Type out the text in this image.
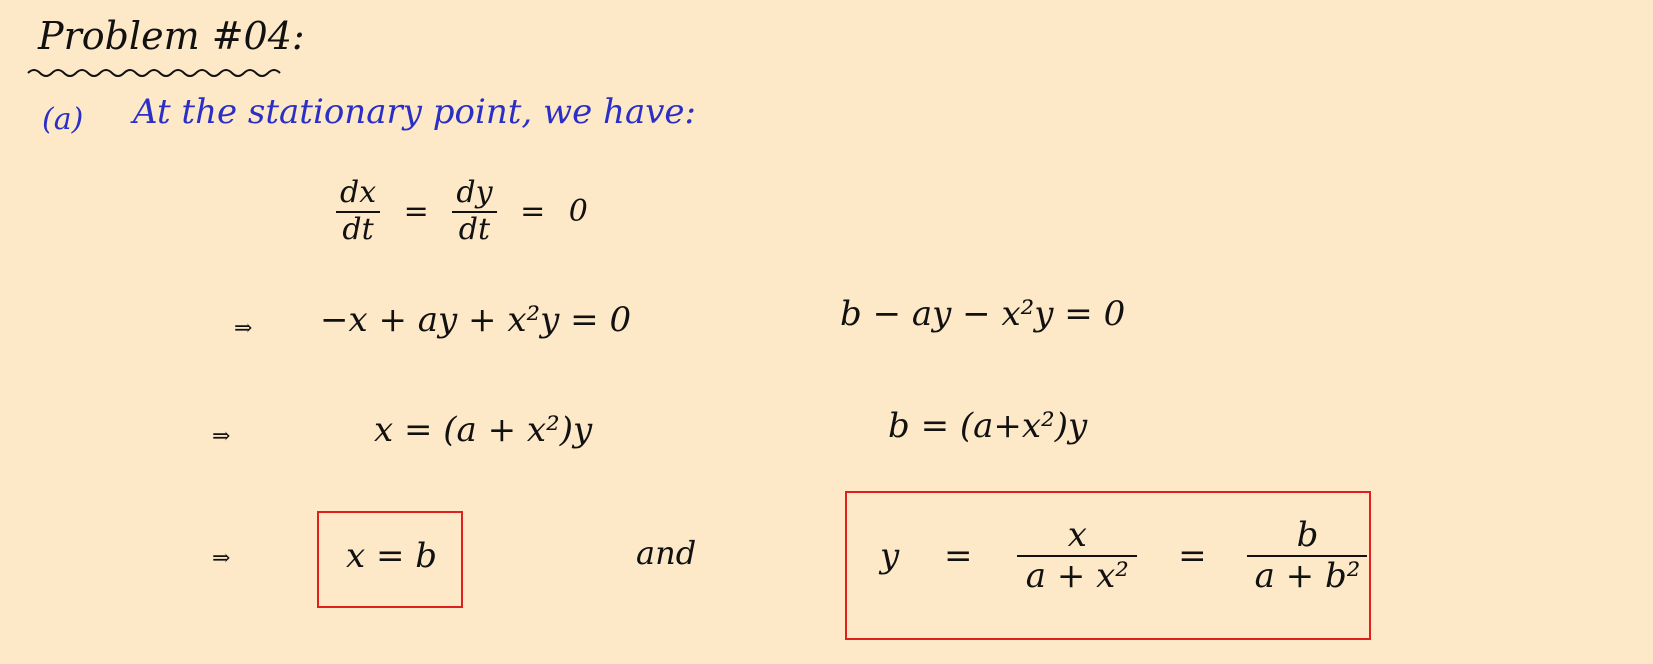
Problem #04:
(a) At the stationary point, we have:
$\frac{dx}{dt} = \frac{dy}{dt} = 0$
⇒ −x + ay + x²y = 0	b − ay − x²y = 0
⇒	x = (a + x²)y	b = (a+x²)y
⇒	x = b	and	$y = \frac{x}{\text{a + x²}} = \frac{b}{\text{a + b²}}$
